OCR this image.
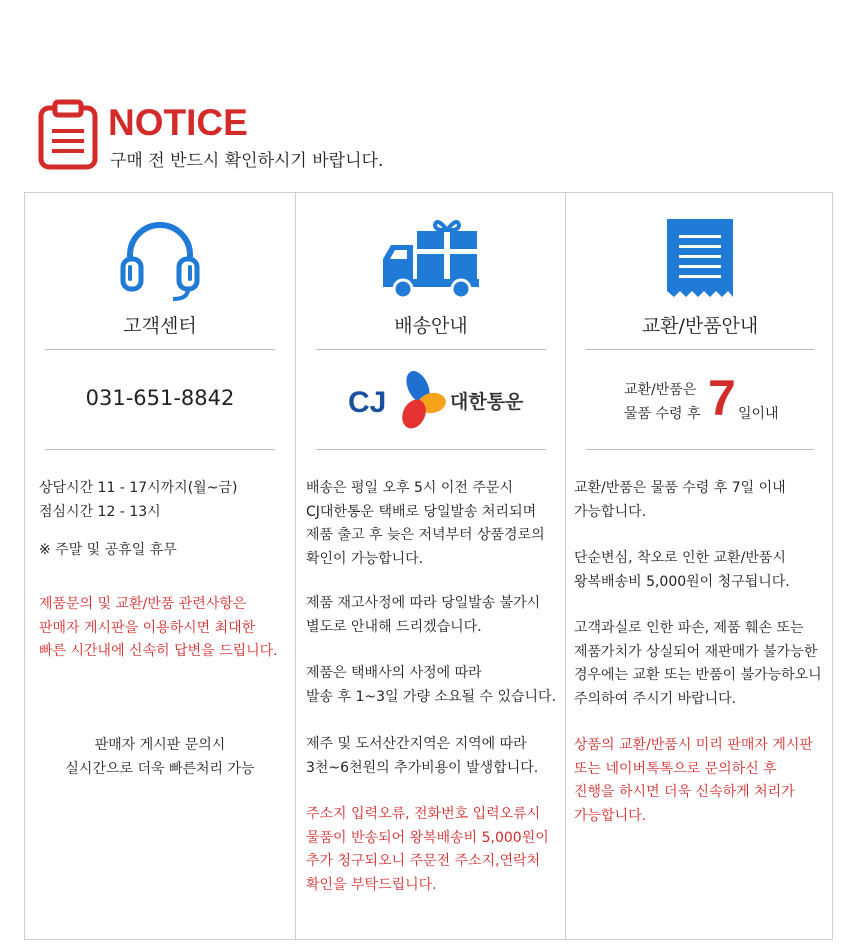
NOTICE
구매 전 반드시 확인하시기 바랍니다.
고객센터
031-651-8842
상담시간 11 - 17시까지(월~금)
점심시간 12 - 13시
※ 주말 및 공휴일 휴무
제품문의 및 교환/반품 관련사항은
판매자 게시판을 이용하시면 최대한
빠른 시간내에 신속히 답변을 드립니다.
판매자 게시판 문의시
실시간으로 더욱 빠른처리 가능
배송안내
CJ	대한통운
배송은 평일 오후 5시 이전 주문시
CJ대한통운 택배로 당일발송 처리되며
제품 출고 후 늦은 저녁부터 상품경로의
확인이 가능합니다.
제품 재고사정에 따라 당일발송 불가시
별도로 안내해 드리겠습니다.
제품은 택배사의 사정에 따라
발송 후 1~3일 가량 소요될 수 있습니다.
제주 및 도서산간지역은 지역에 따라
3천~6천원의 추가비용이 발생합니다.
주소지 입력오류, 전화번호 입력오류시
물품이 반송되어 왕복배송비 5,000원이
추가 청구되오니 주문전 주소지,연락처
확인을 부탁드립니다.
교환/반품안내
교환/반품은
물품 수령 후 7 일이내
교환/반품은 물품 수령 후 7일 이내
가능합니다.
단순변심, 착오로 인한 교환/반품시
왕복배송비 5,000원이 청구됩니다.
고객과실로 인한 파손, 제품 훼손 또는
제품가치가 상실되어 재판매가 불가능한
경우에는 교환 또는 반품이 불가능하오니
주의하여 주시기 바랍니다.
상품의 교환/반품시 미리 판매자 게시판
또는 네이버톡톡으로 문의하신 후
진행을 하시면 더욱 신속하게 처리가
가능합니다.
